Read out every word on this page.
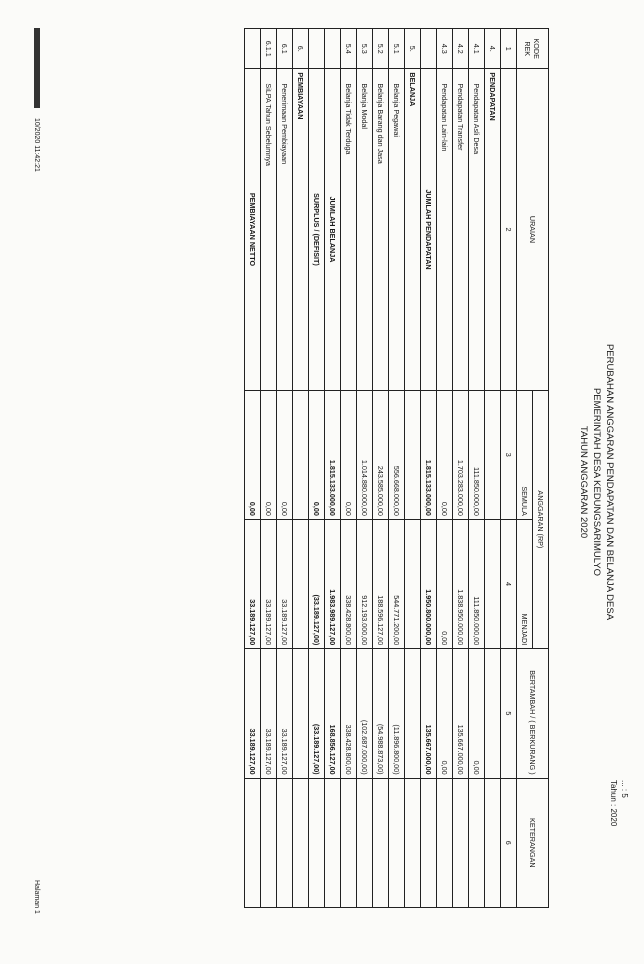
... : 5
Tahun : 2020
PERUBAHAN ANGGARAN PENDAPATAN DAN BELANJA DESA
PEMERINTAH DESA KEDUNGSARIMULYO
TAHUN ANGGARAN 2020
KODE REK	URAIAN	ANGGARAN (RP)		BERTAMBAH / ( BERKURANG )	KETERANGAN
		SEMULA	MENJADI		
1	2	3	4	5	6
4.	PENDAPATAN				
4.1	Pendapatan Asli Desa	111.850.000,00	111.850.000,00	0,00	
4.2	Pendapatan Transfer	1.703.283.000,00	1.838.950.000,00	135.667.000,00	
4.3	Pendapatan Lain-lain	0,00	0,00	0,00	
	JUMLAH PENDAPATAN	1.815.133.000,00	1.950.800.000,00	135.667.000,00	
5.	BELANJA				
5.1	Belanja Pegawai	556.668.000,00	544.771.200,00	(11.896.800,00)	
5.2	Belanja Barang dan Jasa	243.585.000,00	188.596.127,00	(54.988.873,00)	
5.3	Belanja Modal	1.014.880.000,00	912.193.000,00	(102.687.000,00)	
5.4	Belanja Tidak Terduga	0,00	338.428.800,00	338.428.800,00	
	JUMLAH BELANJA	1.815.133.000,00	1.983.989.127,00	168.856.127,00	
	SURPLUS / (DEFISIT)	0,00	(33.189.127,00)	(33.189.127,00)	
6.	PEMBIAYAAN				
6.1	Penerimaan Pembiayaan	0,00	33.189.127,00	33.189.127,00	
6.1.1	SiLPA Tahun Sebelumnya	0,00	33.189.127,00	33.189.127,00	
	PEMBIAYAAN NETTO	0,00	33.189.127,00	33.189.127,00	
10/2020 11:42:21
Halaman 1
